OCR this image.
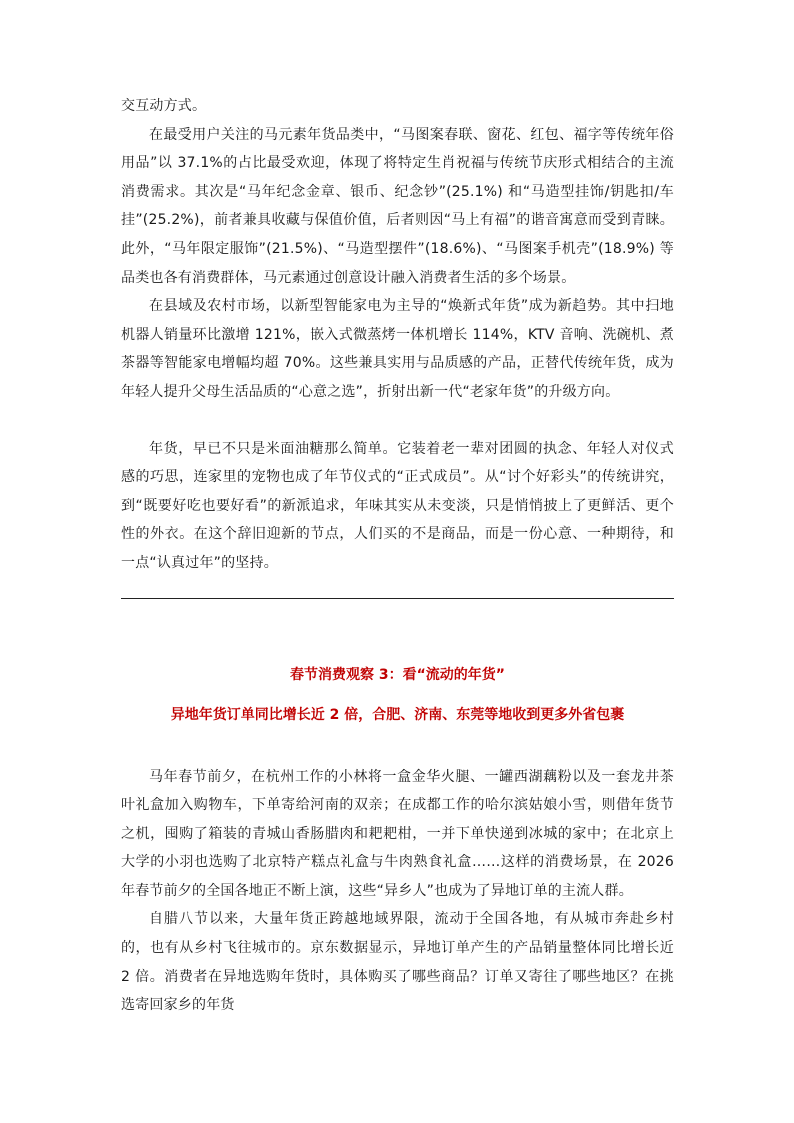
交互动方式。

在最受用户关注的马元素年货品类中，“马图案春联、窗花、红包、福字等传统年俗用品”以 37.1%的占比最受欢迎，体现了将特定生肖祝福与传统节庆形式相结合的主流消费需求。其次是“马年纪念金章、银币、纪念钞”(25.1%) 和“马造型挂饰/钥匙扣/车挂”(25.2%)，前者兼具收藏与保值价值，后者则因“马上有福”的谐音寓意而受到青睐。此外，“马年限定服饰”(21.5%)、“马造型摆件”(18.6%)、“马图案手机壳”(18.9%) 等品类也各有消费群体，马元素通过创意设计融入消费者生活的多个场景。

在县域及农村市场，以新型智能家电为主导的“焕新式年货”成为新趋势。其中扫地机器人销量环比激增 121%，嵌入式微蒸烤一体机增长 114%，KTV 音响、洗碗机、煮茶器等智能家电增幅均超 70%。这些兼具实用与品质感的产品，正替代传统年货，成为年轻人提升父母生活品质的“心意之选”，折射出新一代“老家年货”的升级方向。

年货，早已不只是米面油糖那么简单。它装着老一辈对团圆的执念、年轻人对仪式感的巧思，连家里的宠物也成了年节仪式的“正式成员”。从“讨个好彩头”的传统讲究，到“既要好吃也要好看”的新派追求，年味其实从未变淡，只是悄悄披上了更鲜活、更个性的外衣。在这个辞旧迎新的节点，人们买的不是商品，而是一份心意、一种期待，和一点“认真过年”的坚持。

春节消费观察 3：看“流动的年货”

异地年货订单同比增长近 2 倍，合肥、济南、东莞等地收到更多外省包裹

马年春节前夕，在杭州工作的小林将一盒金华火腿、一罐西湖藕粉以及一套龙井茶叶礼盒加入购物车，下单寄给河南的双亲；在成都工作的哈尔滨姑娘小雪，则借年货节之机，囤购了箱装的青城山香肠腊肉和耙耙柑，一并下单快递到冰城的家中；在北京上大学的小羽也选购了北京特产糕点礼盒与牛肉熟食礼盒……这样的消费场景，在 2026 年春节前夕的全国各地正不断上演，这些“异乡人”也成为了异地订单的主流人群。

自腊八节以来，大量年货正跨越地域界限，流动于全国各地，有从城市奔赴乡村的，也有从乡村飞往城市的。京东数据显示，异地订单产生的产品销量整体同比增长近 2 倍。消费者在异地选购年货时，具体购买了哪些商品？订单又寄往了哪些地区？在挑选寄回家乡的年货
